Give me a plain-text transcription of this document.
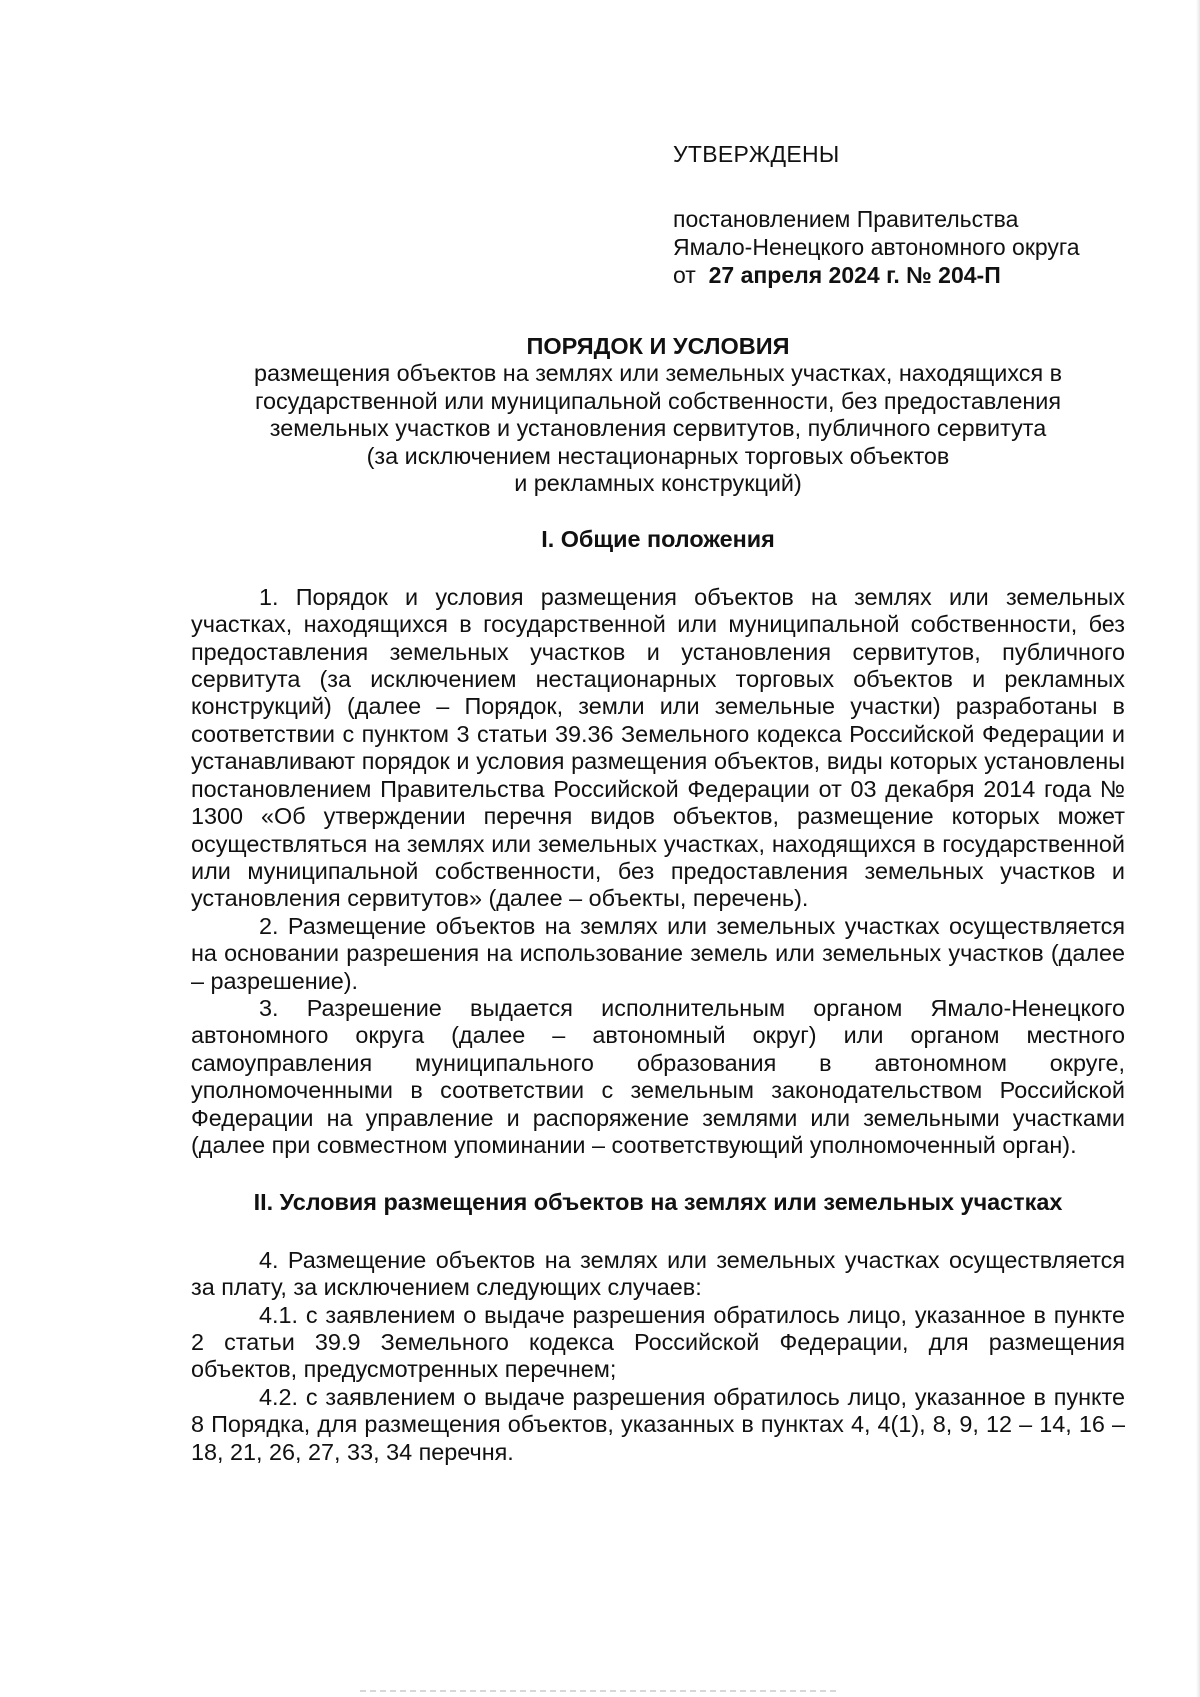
УТВЕРЖДЕНЫ

постановлением Правительства

Ямало-Ненецкого автономного округа

от 27 апреля 2024 г. № 204-П

ПОРЯДОК И УСЛОВИЯ

размещения объектов на землях или земельных участках, находящихся в
государственной или муниципальной собственности, без предоставления
земельных участков и установления сервитутов, публичного сервитута
(за исключением нестационарных торговых объектов
и рекламных конструкций)

I. Общие положения

1. Порядок и условия размещения объектов на землях или земельных участках, находящихся в государственной или муниципальной собственности, без предоставления земельных участков и установления сервитутов, публичного сервитута (за исключением нестационарных торговых объектов и рекламных конструкций) (далее – Порядок, земли или земельные участки) разработаны в соответствии с пунктом 3 статьи 39.36 Земельного кодекса Российской Федерации и устанавливают порядок и условия размещения объектов, виды которых установлены постановлением Правительства Российской Федерации от 03 декабря 2014 года № 1300 «Об утверждении перечня видов объектов, размещение которых может осуществляться на землях или земельных участках, находящихся в государственной или муниципальной собственности, без предоставления земельных участков и установления сервитутов» (далее – объекты, перечень).

2. Размещение объектов на землях или земельных участках осуществляется на основании разрешения на использование земель или земельных участков (далее – разрешение).

3. Разрешение выдается исполнительным органом Ямало-Ненецкого автономного округа (далее – автономный округ) или органом местного самоуправления муниципального образования в автономном округе, уполномоченными в соответствии с земельным законодательством Российской Федерации на управление и распоряжение землями или земельными участками (далее при совместном упоминании – соответствующий уполномоченный орган).

II. Условия размещения объектов на землях или земельных участках

4. Размещение объектов на землях или земельных участках осуществляется за плату, за исключением следующих случаев:

4.1. с заявлением о выдаче разрешения обратилось лицо, указанное в пункте 2 статьи 39.9 Земельного кодекса Российской Федерации, для размещения объектов, предусмотренных перечнем;

4.2. с заявлением о выдаче разрешения обратилось лицо, указанное в пункте 8 Порядка, для размещения объектов, указанных в пунктах 4, 4(1), 8, 9, 12 – 14, 16 – 18, 21, 26, 27, 33, 34 перечня.
